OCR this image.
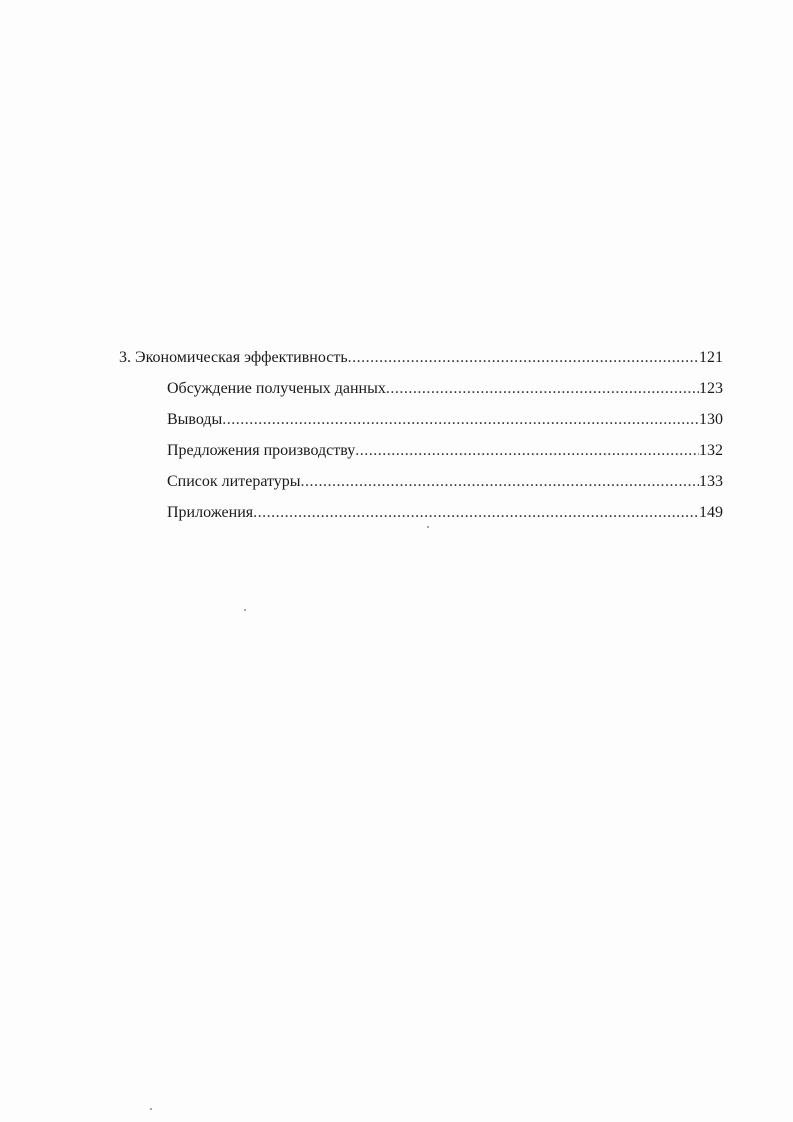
3. Экономическая эффективность .....	121
Обсуждение полученых данных .....	123
Выводы .....	130
Предложения производству .....	132
Список литературы .....	133
Приложения .....	149
